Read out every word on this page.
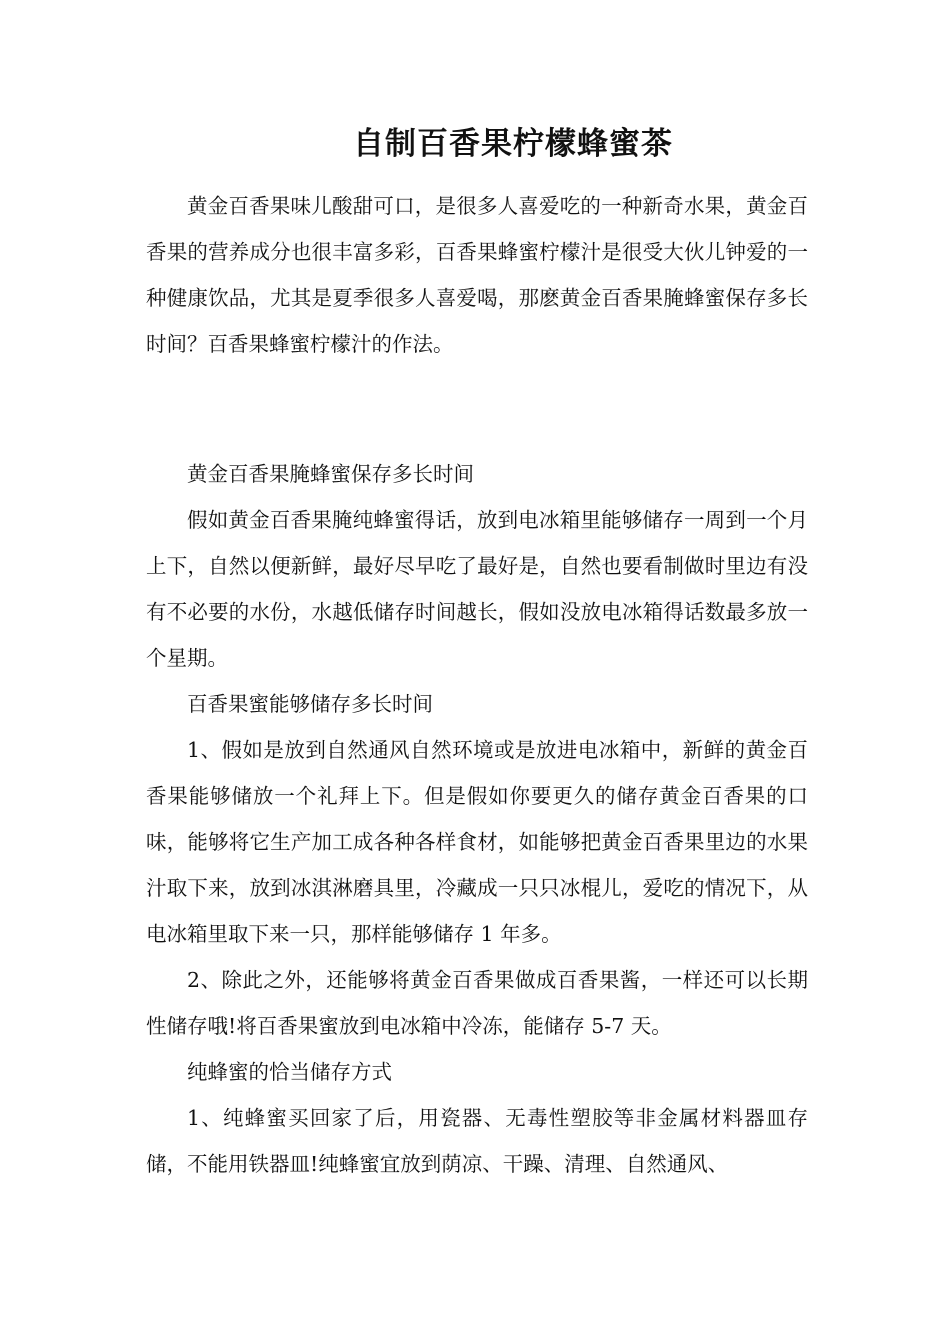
自制百香果柠檬蜂蜜茶

黄金百香果味儿酸甜可口，是很多人喜爱吃的一种新奇水果，黄金百香果的营养成分也很丰富多彩，百香果蜂蜜柠檬汁是很受大伙儿钟爱的一种健康饮品，尤其是夏季很多人喜爱喝，那麽黄金百香果腌蜂蜜保存多长时间？百香果蜂蜜柠檬汁的作法。

黄金百香果腌蜂蜜保存多长时间

假如黄金百香果腌纯蜂蜜得话，放到电冰箱里能够储存一周到一个月上下，自然以便新鲜，最好尽早吃了最好是，自然也要看制做时里边有没有不必要的水份，水越低储存时间越长，假如没放电冰箱得话数最多放一个星期。

百香果蜜能够储存多长时间

1、假如是放到自然通风自然环境或是放进电冰箱中，新鲜的黄金百香果能够储放一个礼拜上下。但是假如你要更久的储存黄金百香果的口味，能够将它生产加工成各种各样食材，如能够把黄金百香果里边的水果汁取下来，放到冰淇淋磨具里，冷藏成一只只冰棍儿，爱吃的情况下，从电冰箱里取下来一只，那样能够储存 1 年多。

2、除此之外，还能够将黄金百香果做成百香果酱，一样还可以长期性储存哦!将百香果蜜放到电冰箱中冷冻，能储存 5-7 天。

纯蜂蜜的恰当储存方式

1、纯蜂蜜买回家了后，用瓷器、无毒性塑胶等非金属材料器皿存储，不能用铁器皿!纯蜂蜜宜放到荫凉、干躁、清理、自然通风、
